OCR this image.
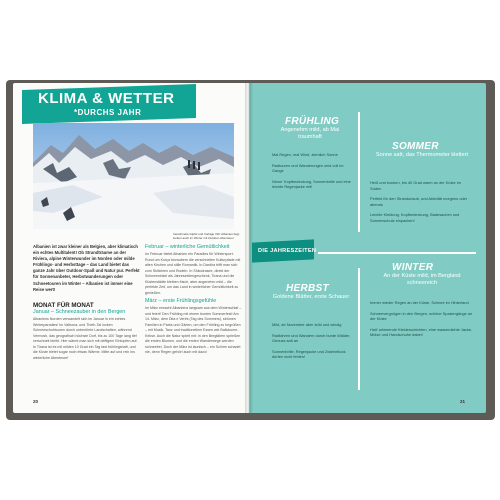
KLIMA & WETTER
*DURCHS JAHR
Verschneite Gipfel und Vorläge Villi: Albanien liegt locken auch im Winter mit Outdoor-Abenteuer
Albanien ist zwar kleiner als Belgien, aber klimatisch ein echtes Multitalent! Ob Strandträume an der Riviera, alpine Winterwunder im Norden oder milde Frühlings- und Herbsttage – das Land bietet das ganze Jahr über Outdoor-Spaß und Natur pur. Perfekt für Sonnenanbeter, Herbstwanderungen oder Schneetouren im Winter – Albanien ist immer eine Reise wert!
MONAT FÜR MONAT
Januar – Schneezauber in den Bergen
Albaniens Norden verwandelt sich im Januar in ein echtes Winterparadies! Im Valbona- und Theth-Tal locken Schneeschuhtouren durch unberührte Landschaften, während Vermosh, das geografisch höchste Dorf, bis zu 100 Tage lang tief verschneit bleibt. Hier wärmt man sich mit deftigem Eintopfen auf. In Tirana ist es mit milden 10 Grad ein Tag fast frühlingshaft, und die Küste bietet sogar noch etwas Wärme. Mitte auf und rein ins winterliche Abenteuer!
Februar – winterliche Gemütlichkeit
Im Februar bietet Albanien ein Paradies für Wintersport. Rund um Korça bezaubern die verschneiten Kulturpfade mit alten Kirchen und stille Romantik. In Dardha trifft man sich zum Skifahren und Rodeln. In Shkodrasee, direkt der Schneewinkel als Jahreszeitengeschenk, Tirana und die Küstenstädte bleiben frisch, aber angenehm mild – die perfekte Zeit, um das Land in winterlicher Gemütlichkeit zu genießen.
März – erste Frühlingsgefühle
Im März erwacht Albaniens langsam aus dem Winterschlaf – und feiert! Den Frühling mit einem bunten Sommerfest! Am 14. März, dem Dita e Verës (Tag des Sommers), strömen Familien in Parks und Gärten, um den Frühling zu begrüßen – mit Musik, Tanz und traditionellem Essen wie Ballokume-Kekse. Auch die Natur spielt mit: In den Bergtälern sprießen die ersten Blumen, und die ersten Wanderwege werden schneefrei. Doch der März ist launisch – ein Schirm schadet nie, denn Regen gehört auch mit dazu!
20
DIE JAHRESZEITEN
FRÜHLING
Angenehm mild, ab Mai traumhaft

Mal Regen, mal Wind, ziemlich Sonne

Radtouren und Wanderungen sind voll im Gange

Nimm' Kopfbedeckung, Sonnenbrille und eine leichte Regenjacke mit!

SOMMER
Sonne satt, das Thermometer klettert

Heiß und trocken, bis 40 Grad warm an der Küste im Süden

Perfekt für den Strandurlaub, und Aktivität morgens oder abends

Leichte Kleidung, Kopfbedeckung, Badesachen und Sonnenschutz einpacken!

HERBST
Goldene Blätter, erste Schauer

Mild, ab November aber kühl und windig

Radfahren und Wandern durch bunte Wälder, Genuss satt an

Sonnenbrille, Regenjacke und Zwiebellook dürfen nicht fehlen!

WINTER
An der Küste mild, im Bergland schneereich

Immer wieder Regen an der Küste, Schnee im Hinterland

Schneevergnügen in den Bergen, schöne Spaziergänge an der Küste

Halt' wärmende Kleiderschichten, eine wasserdichte Jacke, Mütze und Handschuhe dabei!

21
